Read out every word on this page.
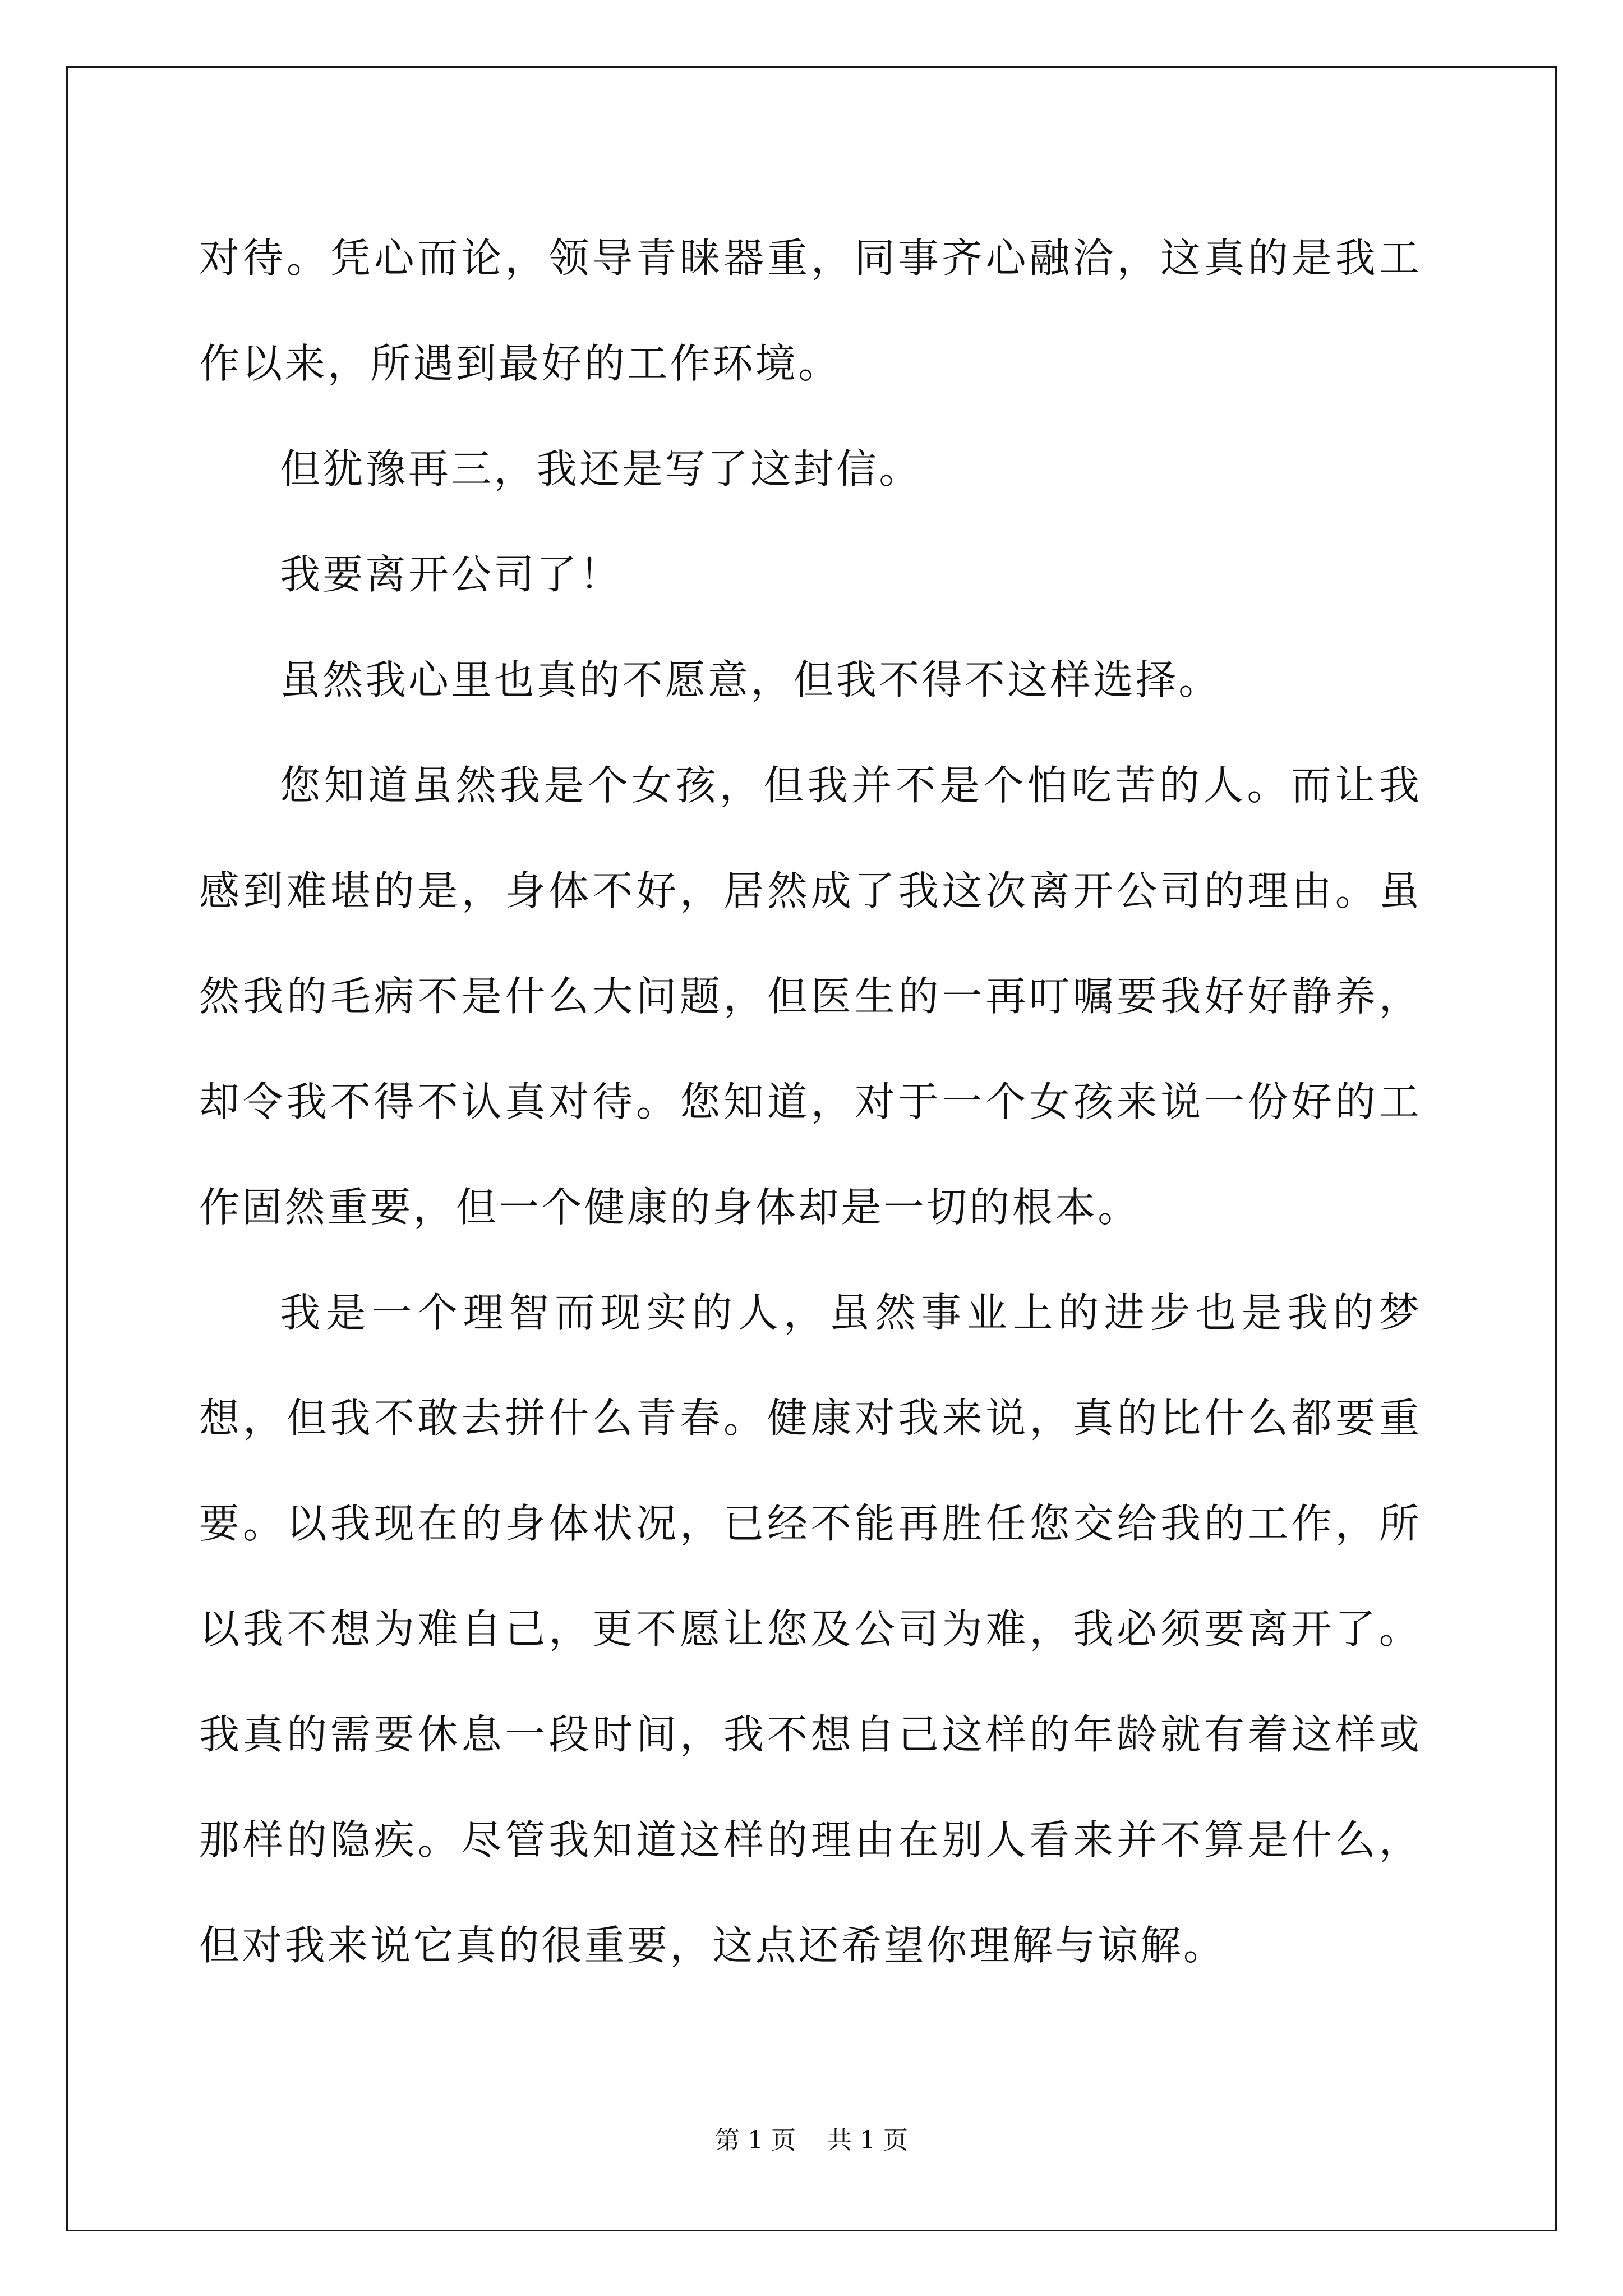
对待。凭心而论，领导青睐器重，同事齐心融洽，这真的是我工作以来，所遇到最好的工作环境。

但犹豫再三，我还是写了这封信。

我要离开公司了！

虽然我心里也真的不愿意，但我不得不这样选择。

您知道虽然我是个女孩，但我并不是个怕吃苦的人。而让我感到难堪的是，身体不好，居然成了我这次离开公司的理由。虽然我的毛病不是什么大问题，但医生的一再叮嘱要我好好静养，却令我不得不认真对待。您知道，对于一个女孩来说一份好的工作固然重要，但一个健康的身体却是一切的根本。

我是一个理智而现实的人，虽然事业上的进步也是我的梦想，但我不敢去拼什么青春。健康对我来说，真的比什么都要重要。以我现在的身体状况，已经不能再胜任您交给我的工作，所以我不想为难自己，更不愿让您及公司为难，我必须要离开了。我真的需要休息一段时间，我不想自己这样的年龄就有着这样或那样的隐疾。尽管我知道这样的理由在别人看来并不算是什么，但对我来说它真的很重要，这点还希望你理解与谅解。

第 1 页 共 1 页
